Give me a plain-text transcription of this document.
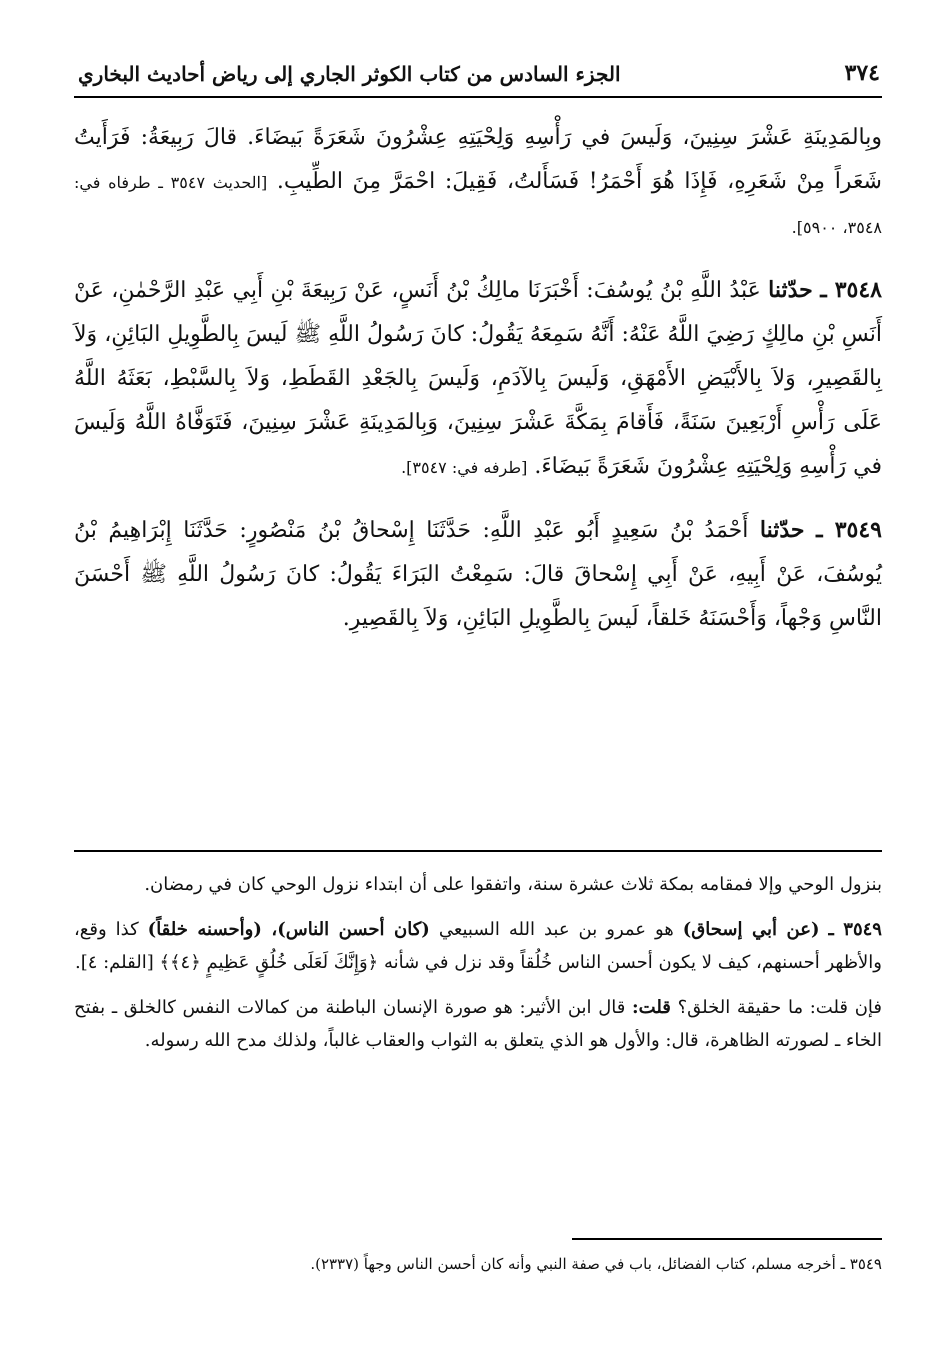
٣٧٤
الجزء السادس من كتاب الكوثر الجاري إلى رياض أحاديث البخاري

وبِالمَدِينَةِ عَشْرَ سِنِينَ، وَلَيسَ في رَأْسِهِ وَلِحْيَتِهِ عِشْرُونَ شَعَرَةً بَيضَاءَ. قالَ رَبِيعَةُ: فَرَأَيتُ شَعَراً مِنْ شَعَرِهِ، فَإِذَا هُوَ أَحْمَرُ! فَسَأَلتُ، فَقِيلَ: احْمَرَّ مِنَ الطِّيبِ. [الحديث ٣٥٤٧ ـ طرفاه في: ٣٥٤٨، ٥٩٠٠].

٣٥٤٨ ـ حدّثنا عَبْدُ اللَّهِ بْنُ يُوسُفَ: أَخْبَرَنَا مالِكُ بْنُ أَنَسٍ، عَنْ رَبِيعَةَ بْنِ أَبِي عَبْدِ الرَّحْمٰنِ، عَنْ أَنَسِ بْنِ مالِكٍ رَضِيَ اللَّهُ عَنْهُ: أَنَّهُ سَمِعَهُ يَقُولُ: كانَ رَسُولُ اللَّهِ ﷺ لَيسَ بِالطَّوِيلِ البَائِنِ، وَلاَ بِالقَصِيرِ، وَلاَ بِالأَبْيَضِ الأَمْهَقِ، وَلَيسَ بِالآدَمِ، وَلَيسَ بِالجَعْدِ القَطَطِ، وَلاَ بِالسَّبْطِ، بَعَثَهُ اللَّهُ عَلَى رَأْسِ أَرْبَعِينَ سَنَةً، فَأَقامَ بِمَكَّةَ عَشْرَ سِنِينَ، وَبِالمَدِينَةِ عَشْرَ سِنِينَ، فَتَوَفَّاهُ اللَّهُ وَلَيسَ في رَأْسِهِ وَلِحْيَتِهِ عِشْرُونَ شَعَرَةً بَيضَاءَ. [طرفه في: ٣٥٤٧].

٣٥٤٩ ـ حدّثنا أَحْمَدُ بْنُ سَعِيدٍ أَبُو عَبْدِ اللَّهِ: حَدَّثَنَا إِسْحاقُ بْنُ مَنْصُورٍ: حَدَّثَنَا إِبْرَاهِيمُ بْنُ يُوسُفَ، عَنْ أَبِيهِ، عَنْ أَبِي إِسْحاقَ قالَ: سَمِعْتُ البَرَاءَ يَقُولُ: كانَ رَسُولُ اللَّهِ ﷺ أَحْسَنَ النَّاسِ وَجْهاً، وَأَحْسَنَهُ خَلقاً، لَيسَ بِالطَّوِيلِ البَائِنِ، وَلاَ بِالقَصِيرِ.

بنزول الوحي وإلا فمقامه بمكة ثلاث عشرة سنة، واتفقوا على أن ابتداء نزول الوحي كان في رمضان.

٣٥٤٩ ـ (عن أبي إسحاق) هو عمرو بن عبد الله السبيعي (كان أحسن الناس)، (وأحسنه خلقاً) كذا وقع، والأظهر أحسنهم، كيف لا يكون أحسن الناس خُلُقاً وقد نزل في شأنه ﴿وَإِنَّكَ لَعَلَى خُلُقٍ عَظِيمٍ ﴿٤﴾﴾ [القلم: ٤].

فإن قلت: ما حقيقة الخلق؟ قلت: قال ابن الأثير: هو صورة الإنسان الباطنة من كمالات النفس كالخلق ـ بفتح الخاء ـ لصورته الظاهرة، قال: والأول هو الذي يتعلق به الثواب والعقاب غالباً، ولذلك مدح الله رسوله.

٣٥٤٩ ـ أخرجه مسلم، كتاب الفضائل، باب في صفة النبي وأنه كان أحسن الناس وجهاً (٢٣٣٧).
